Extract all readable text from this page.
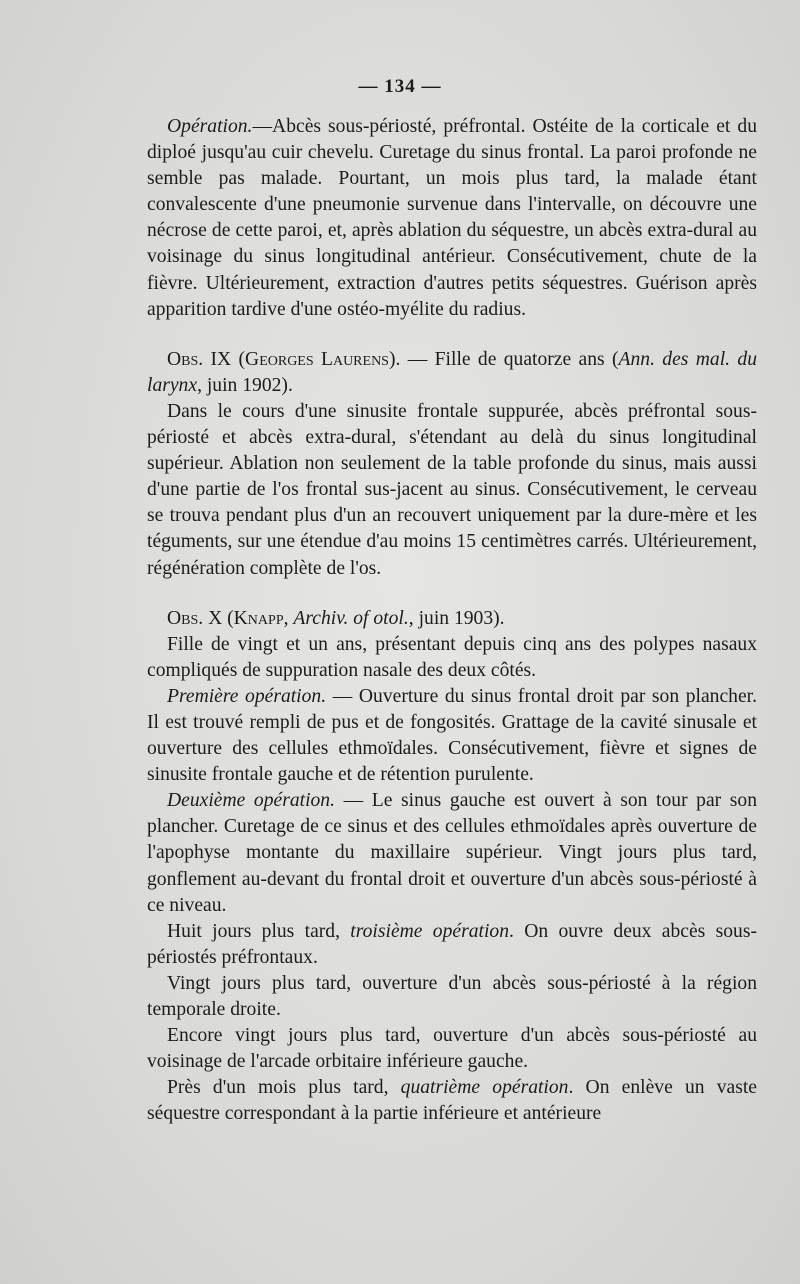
— 134 —

Opération.—Abcès sous-périosté, préfrontal. Ostéite de la corticale et du diploé jusqu'au cuir chevelu. Curetage du sinus frontal. La paroi profonde ne semble pas malade. Pourtant, un mois plus tard, la malade étant convalescente d'une pneumonie survenue dans l'intervalle, on découvre une nécrose de cette paroi, et, après ablation du séquestre, un abcès extra-dural au voisinage du sinus longitudinal antérieur. Consécutivement, chute de la fièvre. Ultérieurement, extraction d'autres petits séquestres. Guérison après apparition tardive d'une ostéo-myélite du radius.

Obs. IX (Georges Laurens). — Fille de quatorze ans (Ann. des mal. du larynx, juin 1902).

Dans le cours d'une sinusite frontale suppurée, abcès préfrontal sous-périosté et abcès extra-dural, s'étendant au delà du sinus longitudinal supérieur. Ablation non seulement de la table profonde du sinus, mais aussi d'une partie de l'os frontal sus-jacent au sinus. Consécutivement, le cerveau se trouva pendant plus d'un an recouvert uniquement par la dure-mère et les téguments, sur une étendue d'au moins 15 centimètres carrés. Ultérieurement, régénération complète de l'os.

Obs. X (Knapp, Archiv. of otol., juin 1903).

Fille de vingt et un ans, présentant depuis cinq ans des polypes nasaux compliqués de suppuration nasale des deux côtés.

Première opération. — Ouverture du sinus frontal droit par son plancher. Il est trouvé rempli de pus et de fongosités. Grattage de la cavité sinusale et ouverture des cellules ethmoïdales. Consécutivement, fièvre et signes de sinusite frontale gauche et de rétention purulente.

Deuxième opération. — Le sinus gauche est ouvert à son tour par son plancher. Curetage de ce sinus et des cellules ethmoïdales après ouverture de l'apophyse montante du maxillaire supérieur. Vingt jours plus tard, gonflement au-devant du frontal droit et ouverture d'un abcès sous-périosté à ce niveau.

Huit jours plus tard, troisième opération. On ouvre deux abcès sous-périostés préfrontaux.

Vingt jours plus tard, ouverture d'un abcès sous-périosté à la région temporale droite.

Encore vingt jours plus tard, ouverture d'un abcès sous-périosté au voisinage de l'arcade orbitaire inférieure gauche.

Près d'un mois plus tard, quatrième opération. On enlève un vaste séquestre correspondant à la partie inférieure et antérieure
